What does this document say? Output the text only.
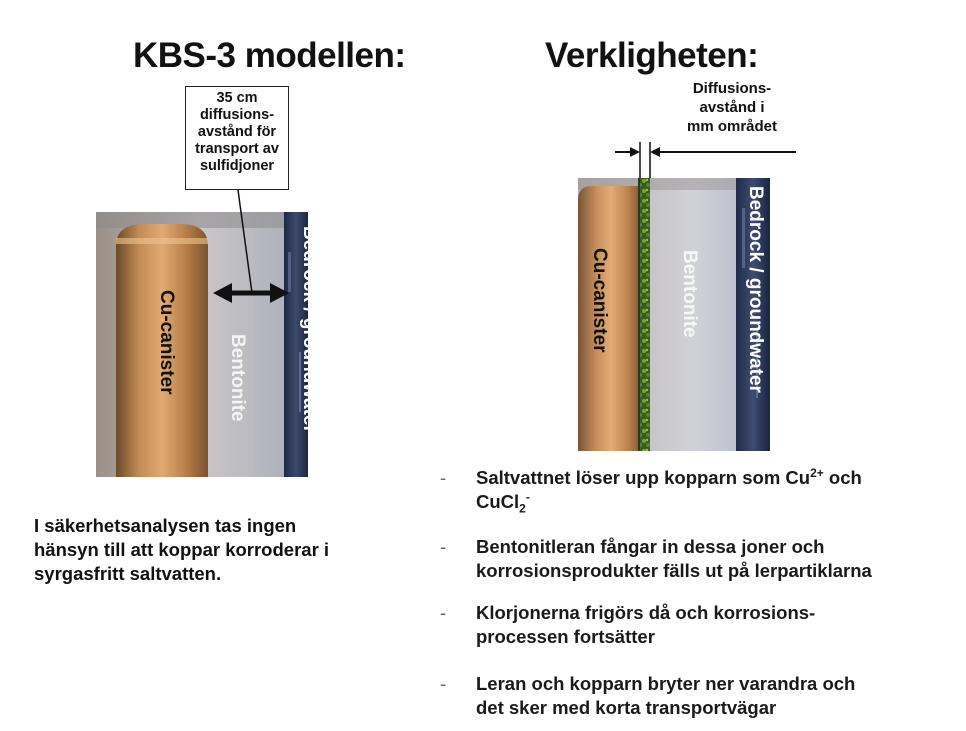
KBS-3 modellen:
Cu-canister	Bentonite	Bedrock / groundwater
35 cm
diffusions-
avstånd för
transport av
sulfidjoner
I säkerhetsanalysen tas ingen
hänsyn till att koppar korroderar i
syrgasfritt saltvatten.
Verkligheten:
Diffusions-
avstånd i
mm området
Cu-canister	Bentonite Bedrock / groundwater
- Saltvattnet löser upp kopparn som $Cu^{2+}$ och
CuCl$_2$-
- Bentonitleran fångar in dessa joner och
korrosionsprodukter fälls ut på lerpartiklarna
- Klorjonerna frigörs då och korrosions-
processen fortsätter
- Leran och kopparn bryter ner varandra och
det sker med korta transportvägar
